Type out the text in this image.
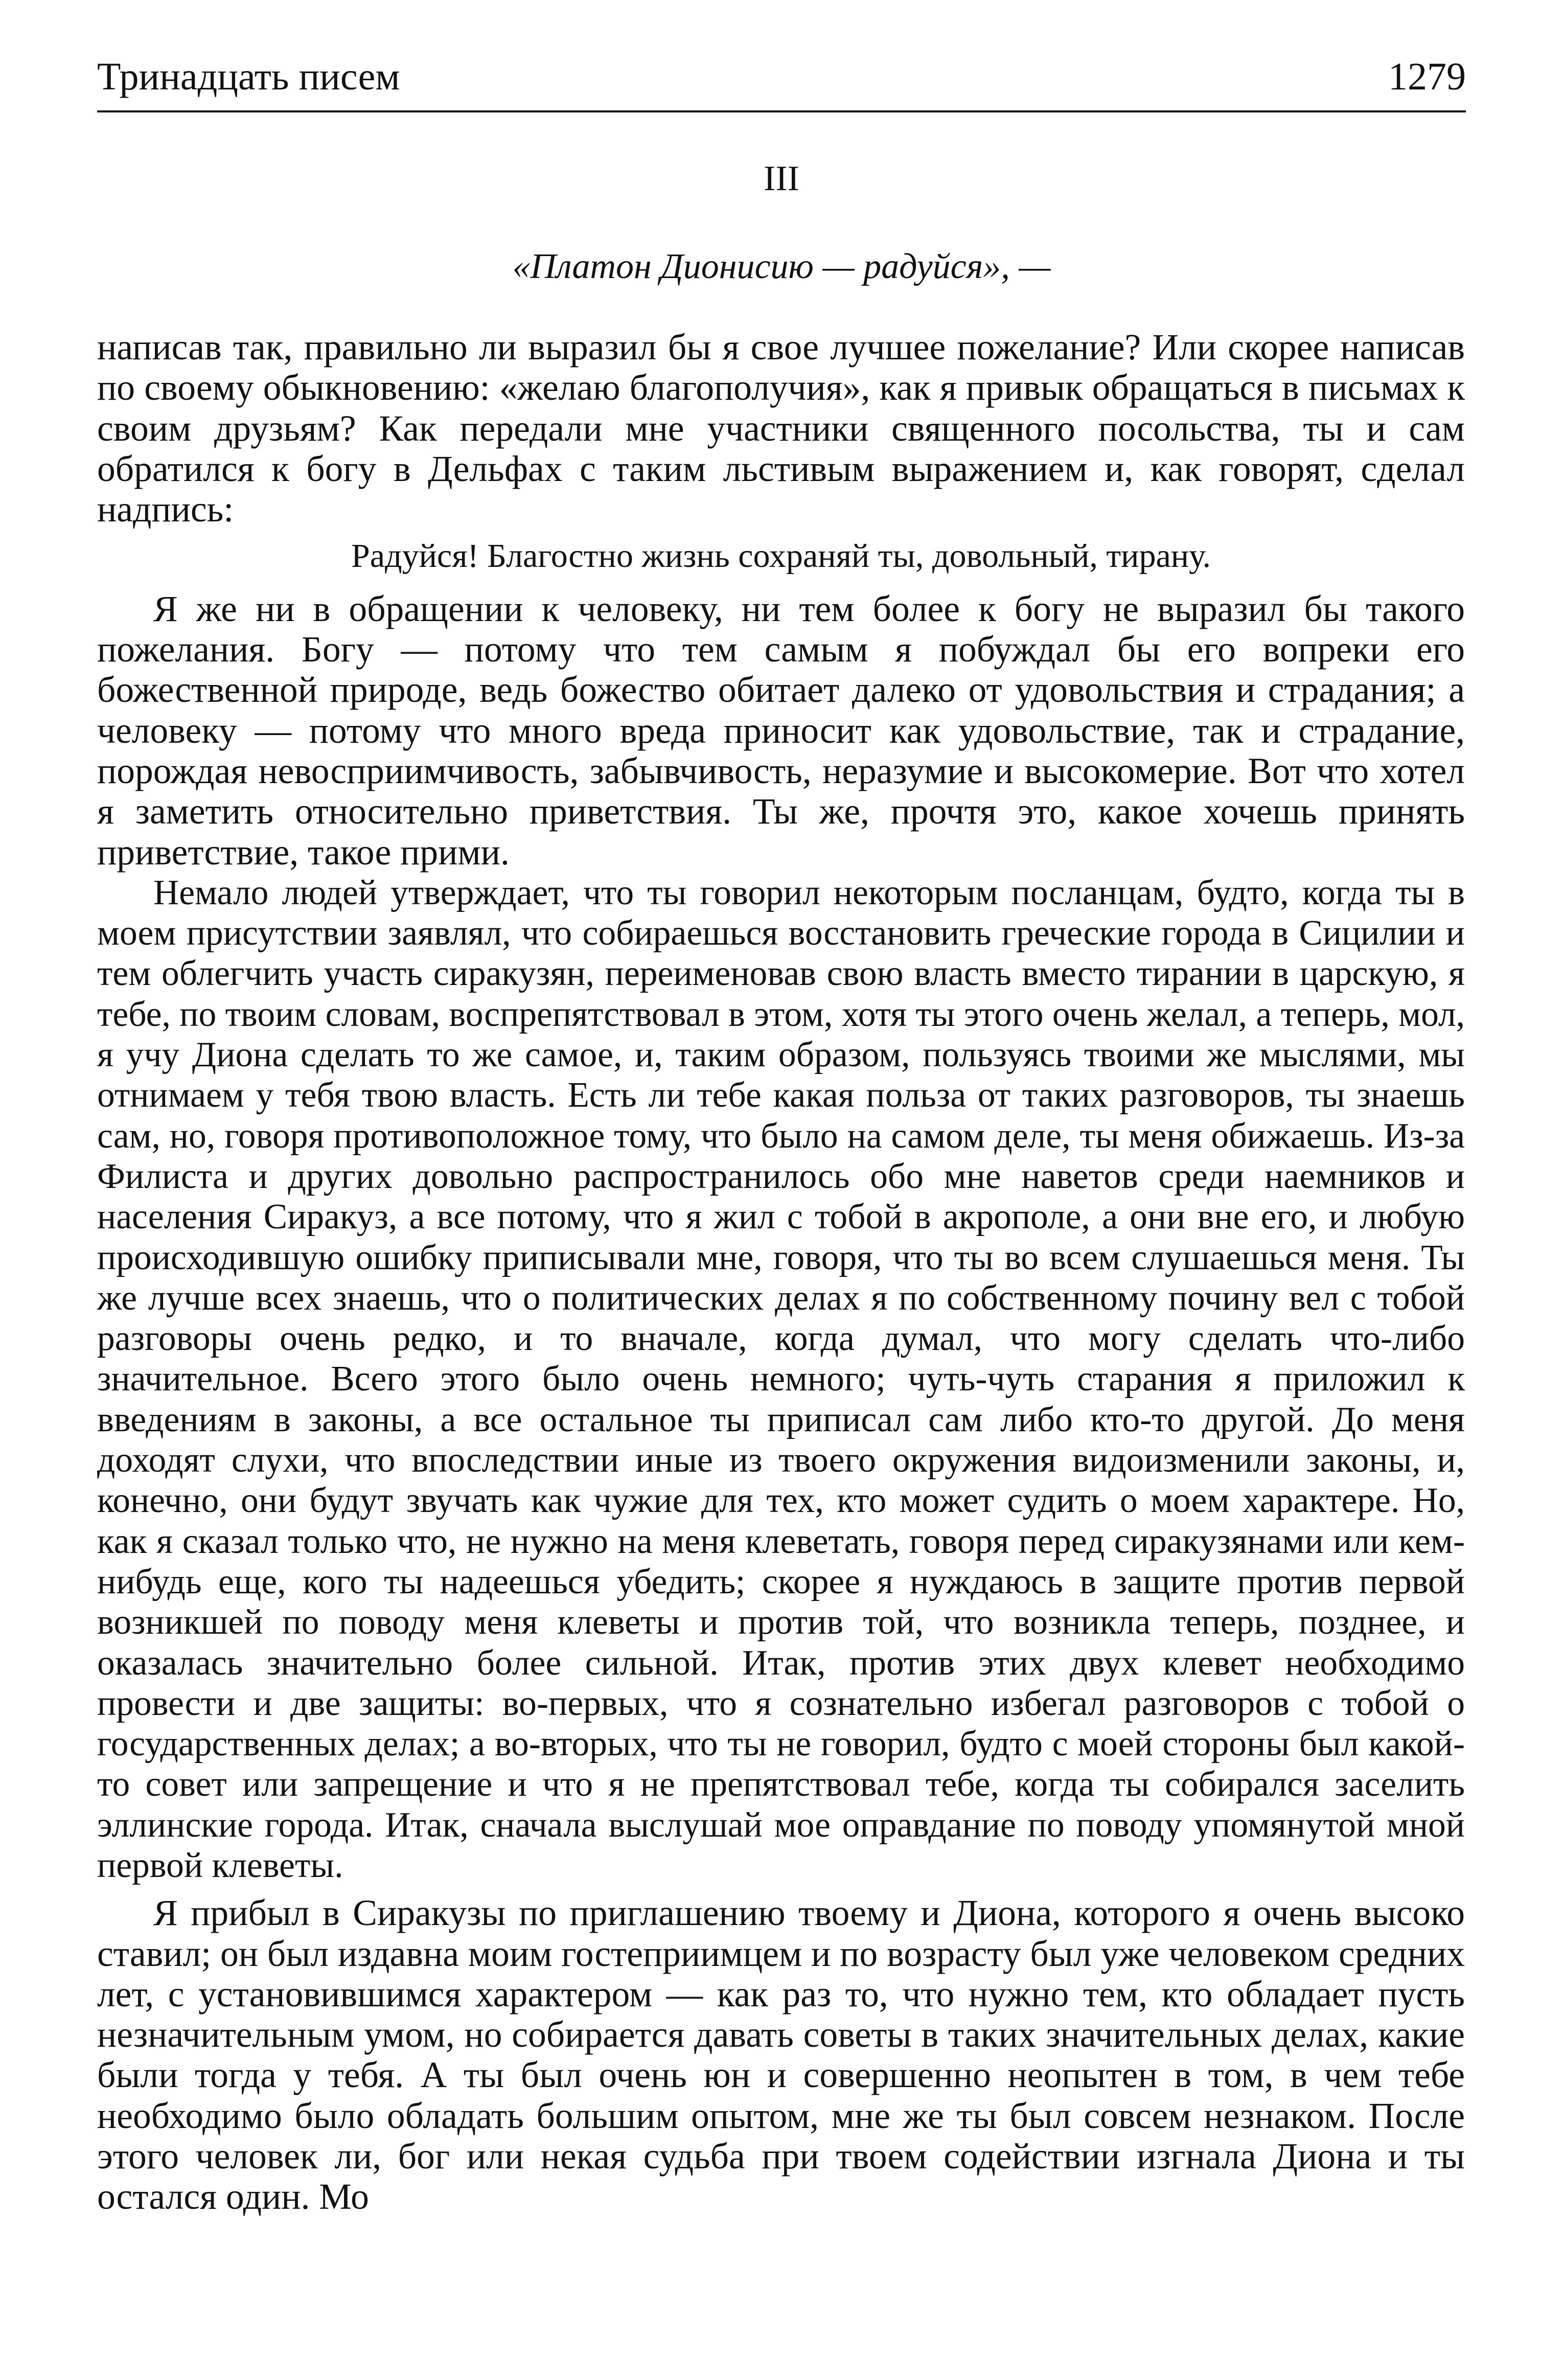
Тринадцать писем	1279
III
«Платон Дионисию — радуйся», —

написав так, правильно ли выразил бы я свое лучшее пожелание? Или скорее написав по своему обыкновению: «желаю благополучия», как я привык обращаться в письмах к своим друзьям? Как передали мне участники священного посольства, ты и сам обратился к богу в Дельфах с таким льстивым выражением и, как говорят, сделал надпись:

Радуйся! Благостно жизнь сохраняй ты, довольный, тирану.

Я же ни в обращении к человеку, ни тем более к богу не выразил бы такого пожелания. Богу — потому что тем самым я побуждал бы его вопреки его божественной природе, ведь божество обитает далеко от удовольствия и страдания; а человеку — потому что много вреда приносит как удовольствие, так и страдание, порождая невосприимчивость, забывчивость, неразумие и высокомерие. Вот что хотел я заметить относительно приветствия. Ты же, прочтя это, какое хочешь принять приветствие, такое прими.

Немало людей утверждает, что ты говорил некоторым посланцам, будто, когда ты в моем присутствии заявлял, что собираешься восстановить греческие города в Сицилии и тем облегчить участь сиракузян, переименовав свою власть вместо тирании в царскую, я тебе, по твоим словам, воспрепятствовал в этом, хотя ты этого очень желал, а теперь, мол, я учу Диона сделать то же самое, и, таким образом, пользуясь твоими же мыслями, мы отнимаем у тебя твою власть. Есть ли тебе какая польза от таких разговоров, ты знаешь сам, но, говоря противоположное тому, что было на самом деле, ты меня обижаешь. Из-за Филиста и других довольно распространилось обо мне наветов среди наемников и населения Сиракуз, а все потому, что я жил с тобой в акрополе, а они вне его, и любую происходившую ошибку приписывали мне, говоря, что ты во всем слушаешься меня. Ты же лучше всех знаешь, что о политических делах я по собственному почину вел с тобой разговоры очень редко, и то вначале, когда думал, что могу сделать что-либо значительное. Всего этого было очень немного; чуть-чуть старания я приложил к введениям в законы, а все остальное ты приписал сам либо кто-то другой. До меня доходят слухи, что впоследствии иные из твоего окружения видоизменили законы, и, конечно, они будут звучать как чужие для тех, кто может судить о моем характере. Но, как я сказал только что, не нужно на меня клеветать, говоря перед сиракузянами или кем-нибудь еще, кого ты надеешься убедить; скорее я нуждаюсь в защите против первой возникшей по поводу меня клеветы и против той, что возникла теперь, позднее, и оказалась значительно более сильной. Итак, против этих двух клевет необходимо провести и две защиты: во-первых, что я сознательно избегал разговоров с тобой о государственных делах; а во-вторых, что ты не говорил, будто с моей стороны был какой-то совет или запрещение и что я не препятствовал тебе, когда ты собирался заселить эллинские города. Итак, сначала выслушай мое оправдание по поводу упомянутой мной первой клеветы.

Я прибыл в Сиракузы по приглашению твоему и Диона, которого я очень высоко ставил; он был издавна моим гостеприимцем и по возрасту был уже человеком средних лет, с установившимся характером — как раз то, что нужно тем, кто обладает пусть незначительным умом, но собирается давать советы в таких значительных делах, какие были тогда у тебя. А ты был очень юн и совершенно неопытен в том, в чем тебе необходимо было обладать большим опытом, мне же ты был совсем незнаком. После этого человек ли, бог или некая судьба при твоем содействии изгнала Диона и ты остался один. Мо
